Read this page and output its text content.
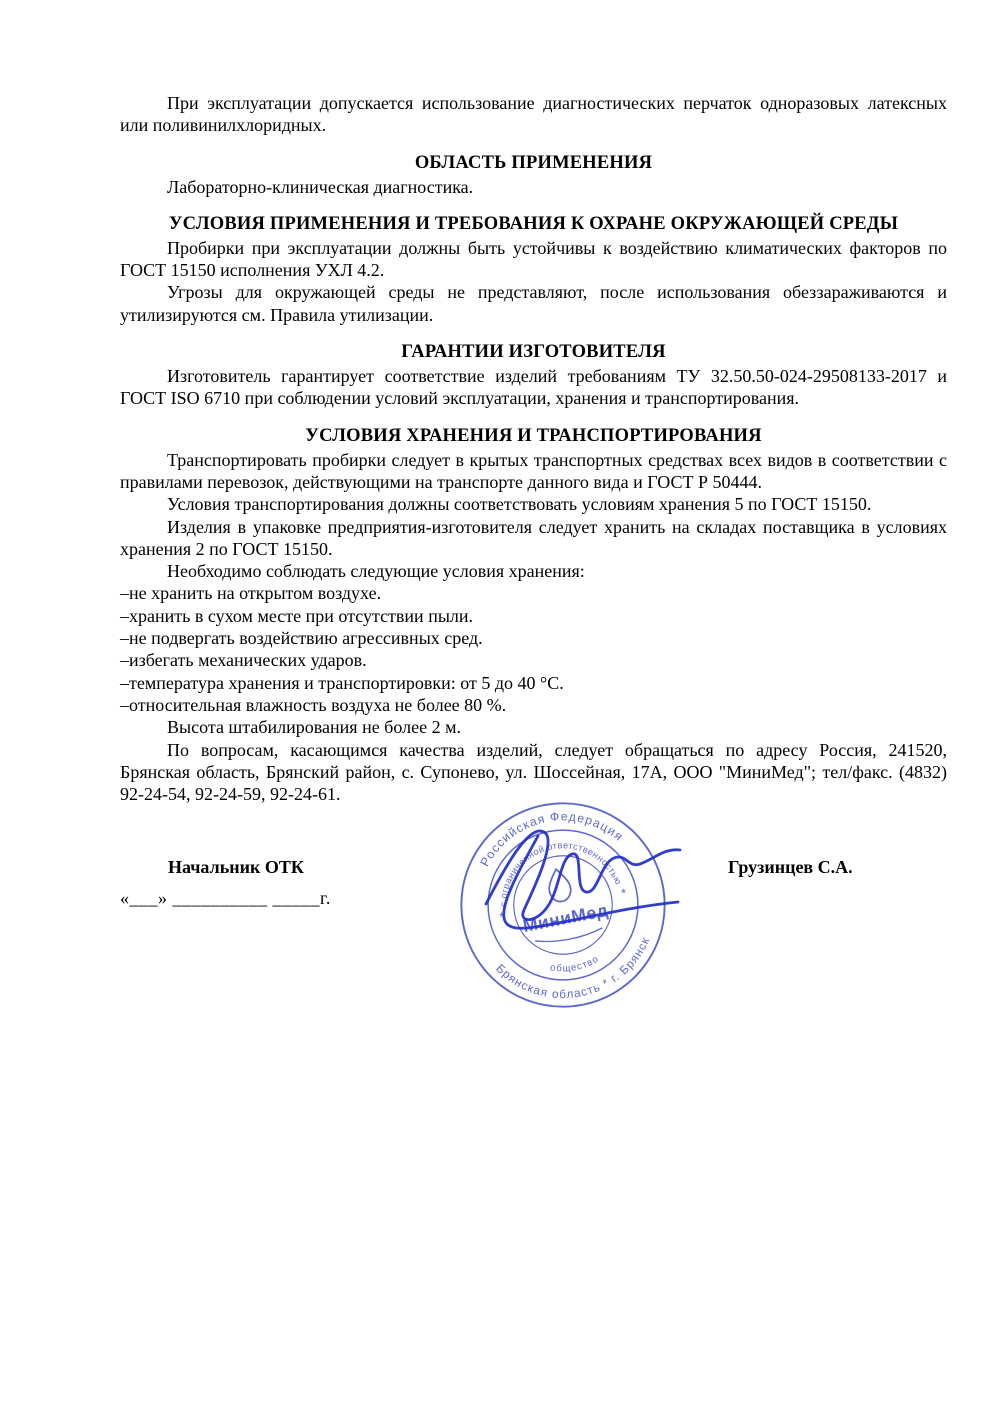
При эксплуатации допускается использование диагностических перчаток одноразовых латексных или поливинилхлоридных.

ОБЛАСТЬ ПРИМЕНЕНИЯ

Лабораторно-клиническая диагностика.

УСЛОВИЯ ПРИМЕНЕНИЯ И ТРЕБОВАНИЯ К ОХРАНЕ ОКРУЖАЮЩЕЙ СРЕДЫ

Пробирки при эксплуатации должны быть устойчивы к воздействию климатических факторов по ГОСТ 15150 исполнения УХЛ 4.2.

Угрозы для окружающей среды не представляют, после использования обеззараживаются и утилизируются см. Правила утилизации.

ГАРАНТИИ ИЗГОТОВИТЕЛЯ

Изготовитель гарантирует соответствие изделий требованиям ТУ 32.50.50-024-29508133-2017 и ГОСТ ISO 6710 при соблюдении условий эксплуатации, хранения и транспортирования.

УСЛОВИЯ ХРАНЕНИЯ И ТРАНСПОРТИРОВАНИЯ

Транспортировать пробирки следует в крытых транспортных средствах всех видов в соответствии с правилами перевозок, действующими на транспорте данного вида и ГОСТ Р 50444.

Условия транспортирования должны соответствовать условиям хранения 5 по ГОСТ 15150.

Изделия в упаковке предприятия-изготовителя следует хранить на складах поставщика в условиях хранения 2 по ГОСТ 15150.

Необходимо соблюдать следующие условия хранения:

–не хранить на открытом воздухе.

–хранить в сухом месте при отсутствии пыли.

–не подвергать воздействию агрессивных сред.

–избегать механических ударов.

–температура хранения и транспортировки: от 5 до 40 °С.

–относительная влажность воздуха не более 80 %.

Высота штабилирования не более 2 м.

По вопросам, касающимся качества изделий, следует обращаться по адресу Россия, 241520, Брянская область, Брянский район, с. Супонево, ул. Шоссейная, 17А, ООО "МиниМед"; тел/факс. (4832) 92-24-54, 92-24-59, 92-24-61.

Начальник ОТК
«___» __________ _____г.
Грузинцев С.А.
Российская Федерация
Брянская область * г. Брянск
с ограниченной ответственностью
общество
*
*
МиниМед
